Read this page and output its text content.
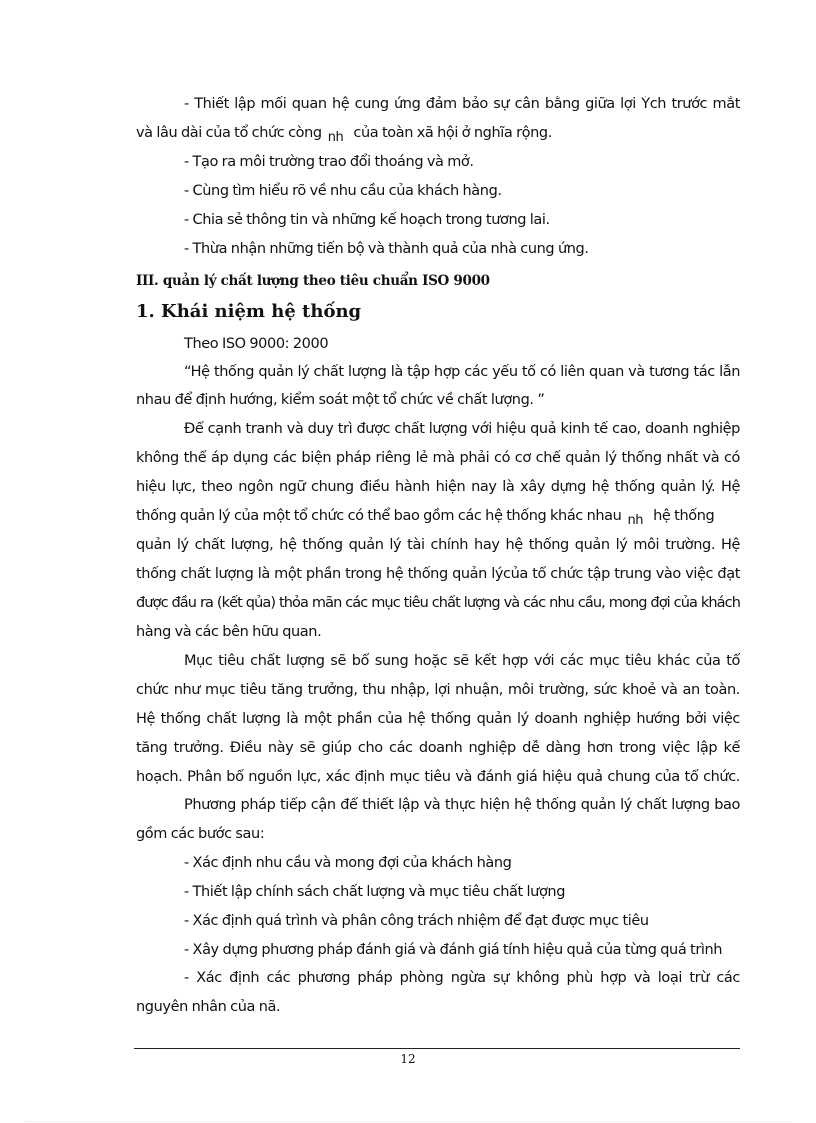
- Thiết lập mối quan hệ cung ứng đảm bảo sự cân bằng giữa lợi Ých trước mắt
và lâu dài của tổ chức còng nh của toàn xã hội ở nghĩa rộng.
- Tạo ra môi trường trao đổi thoáng và mở.
- Cùng tìm hiểu rõ về nhu cầu của khách hàng.
- Chia sẻ thông tin và những kế hoạch trong tương lai.
- Thừa nhận những tiến bộ và thành quả của nhà cung ứng.
III. quản lý chất lượng theo tiêu chuẩn ISO 9000
1. Khái niệm hệ thống
Theo ISO 9000: 2000
“Hệ thống quản lý chất lượng là tập hợp các yếu tố có liên quan và tương tác lẫn
nhau để định hướng, kiểm soát một tổ chức về chất lượng. ”
Để cạnh tranh và duy trì được chất lượng với hiệu quả kinh tế cao, doanh nghiệp
không thể áp dụng các biện pháp riêng lẻ mà phải có cơ chế quản lý thống nhất và có
hiệu lực, theo ngôn ngữ chung điều hành hiện nay là xây dựng hệ thống quản lý. Hệ
thống quản lý của một tổ chức có thể bao gồm các hệ thống khác nhau nh hệ thống
quản lý chất lượng, hệ thống quản lý tài chính hay hệ thống quản lý môi trường. Hệ
thống chất lượng là một phần trong hệ thống quản lýcủa tổ chức tập trung vào việc đạt
được đầu ra (kết qủa) thỏa mãn các mục tiêu chất lượng và các nhu cầu, mong đợi của khách
hàng và các bên hữu quan.
Mục tiêu chất lượng sẽ bổ sung hoặc sẽ kết hợp với các mục tiêu khác của tổ
chức như mục tiêu tăng trưởng, thu nhập, lợi nhuận, môi trường, sức khoẻ và an toàn.
Hệ thống chất lượng là một phần của hệ thống quản lý doanh nghiệp hướng bởi việc
tăng trưởng. Điều này sẽ giúp cho các doanh nghiệp dễ dàng hơn trong việc lập kế
hoạch. Phân bổ nguồn lực, xác định mục tiêu và đánh giá hiệu quả chung của tổ chức.
Phương pháp tiếp cận để thiết lập và thực hiện hệ thống quản lý chất lượng bao
gồm các bước sau:
- Xác định nhu cầu và mong đợi của khách hàng
- Thiết lập chính sách chất lượng và mục tiêu chất lượng
- Xác định quá trình và phân công trách nhiệm để đạt được mục tiêu
- Xây dựng phương pháp đánh giá và đánh giá tính hiệu quả của từng quá trình
- Xác định các phương pháp phòng ngừa sự không phù hợp và loại trừ các
nguyên nhân của nã.
12
